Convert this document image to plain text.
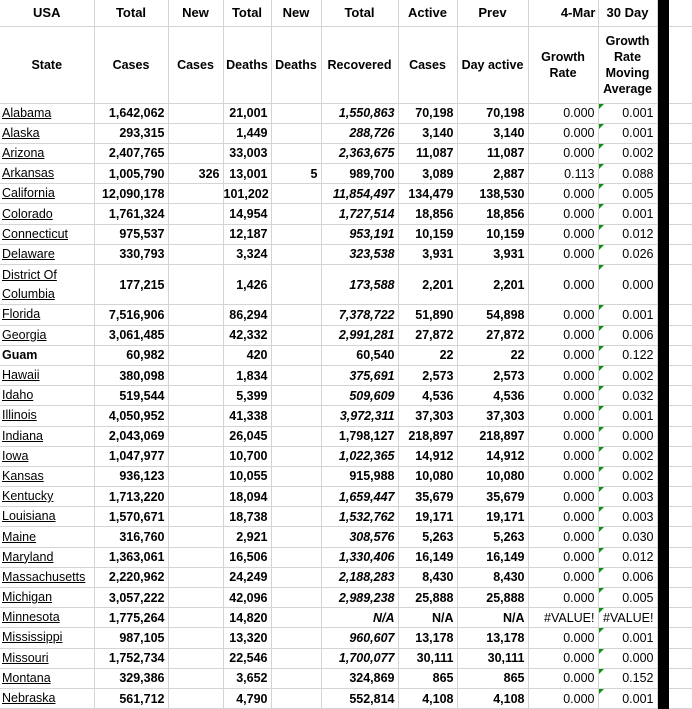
USA	Total	New	Total	New	Total	Active	Prev	4-Mar	30 Day		
State	Cases	Cases	Deaths	Deaths	Recovered	Cases	Day active	Growth Rate	Growth Rate Moving Average		
Alabama	1,642,062		21,001		1,550,863	70,198	70,198	0.000	0.001		
Alaska	293,315		1,449		288,726	3,140	3,140	0.000	0.001		
Arizona	2,407,765		33,003		2,363,675	11,087	11,087	0.000	0.002		
Arkansas	1,005,790	326	13,001	5	989,700	3,089	2,887	0.113	0.088		
California	12,090,178		101,202		11,854,497	134,479	138,530	0.000	0.005		
Colorado	1,761,324		14,954		1,727,514	18,856	18,856	0.000	0.001		
Connecticut	975,537		12,187		953,191	10,159	10,159	0.000	0.012		
Delaware	330,793		3,324		323,538	3,931	3,931	0.000	0.026		
District Of Columbia	177,215		1,426		173,588	2,201	2,201	0.000	0.000		
Florida	7,516,906		86,294		7,378,722	51,890	54,898	0.000	0.001		
Georgia	3,061,485		42,332		2,991,281	27,872	27,872	0.000	0.006		
Guam	60,982		420		60,540	22	22	0.000	0.122		
Hawaii	380,098		1,834		375,691	2,573	2,573	0.000	0.002		
Idaho	519,544		5,399		509,609	4,536	4,536	0.000	0.032		
Illinois	4,050,952		41,338		3,972,311	37,303	37,303	0.000	0.001		
Indiana	2,043,069		26,045		1,798,127	218,897	218,897	0.000	0.000		
Iowa	1,047,977		10,700		1,022,365	14,912	14,912	0.000	0.002		
Kansas	936,123		10,055		915,988	10,080	10,080	0.000	0.002		
Kentucky	1,713,220		18,094		1,659,447	35,679	35,679	0.000	0.003		
Louisiana	1,570,671		18,738		1,532,762	19,171	19,171	0.000	0.003		
Maine	316,760		2,921		308,576	5,263	5,263	0.000	0.030		
Maryland	1,363,061		16,506		1,330,406	16,149	16,149	0.000	0.012		
Massachusetts	2,220,962		24,249		2,188,283	8,430	8,430	0.000	0.006		
Michigan	3,057,222		42,096		2,989,238	25,888	25,888	0.000	0.005		
Minnesota	1,775,264		14,820		N/A	N/A	N/A	#VALUE!	#VALUE!		
Mississippi	987,105		13,320		960,607	13,178	13,178	0.000	0.001		
Missouri	1,752,734		22,546		1,700,077	30,111	30,111	0.000	0.000		
Montana	329,386		3,652		324,869	865	865	0.000	0.152		
Nebraska	561,712		4,790		552,814	4,108	4,108	0.000	0.001		
